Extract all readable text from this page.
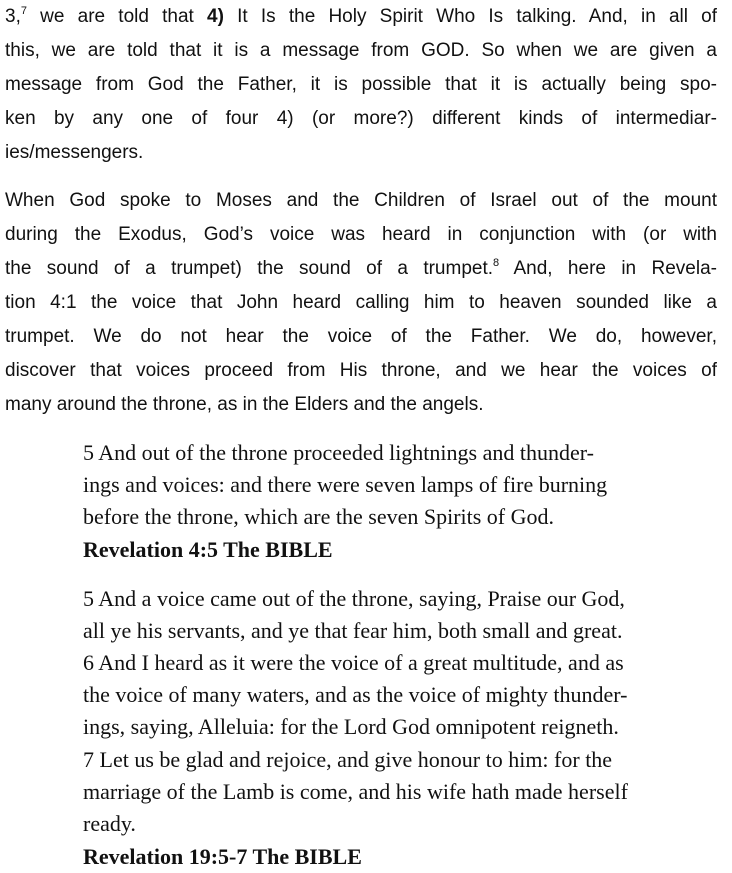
3,$^7$ we are told that 4) It Is the Holy Spirit Who Is talking. And, in all of

this, we are told that it is a message from GOD. So when we are given a

message from God the Father, it is possible that it is actually being spo-

ken by any one of four 4) (or more?) different kinds of intermediar-

ies/messengers.

When God spoke to Moses and the Children of Israel out of the mount

during the Exodus, God’s voice was heard in conjunction with (or with

the sound of a trumpet) the sound of a trumpet.$^8$ And, here in Revela-

tion 4:1 the voice that John heard calling him to heaven sounded like a

trumpet. We do not hear the voice of the Father. We do, however,

discover that voices proceed from His throne, and we hear the voices of

many around the throne, as in the Elders and the angels.

5 And out of the throne proceeded lightnings and thunder-

ings and voices: and there were seven lamps of fire burning

before the throne, which are the seven Spirits of God.

Revelation 4:5 The BIBLE

5 And a voice came out of the throne, saying, Praise our God,

all ye his servants, and ye that fear him, both small and great.

6 And I heard as it were the voice of a great multitude, and as

the voice of many waters, and as the voice of mighty thunder-

ings, saying, Alleluia: for the Lord God omnipotent reigneth.

7 Let us be glad and rejoice, and give honour to him: for the

marriage of the Lamb is come, and his wife hath made herself

ready.

Revelation 19:5-7 The BIBLE
